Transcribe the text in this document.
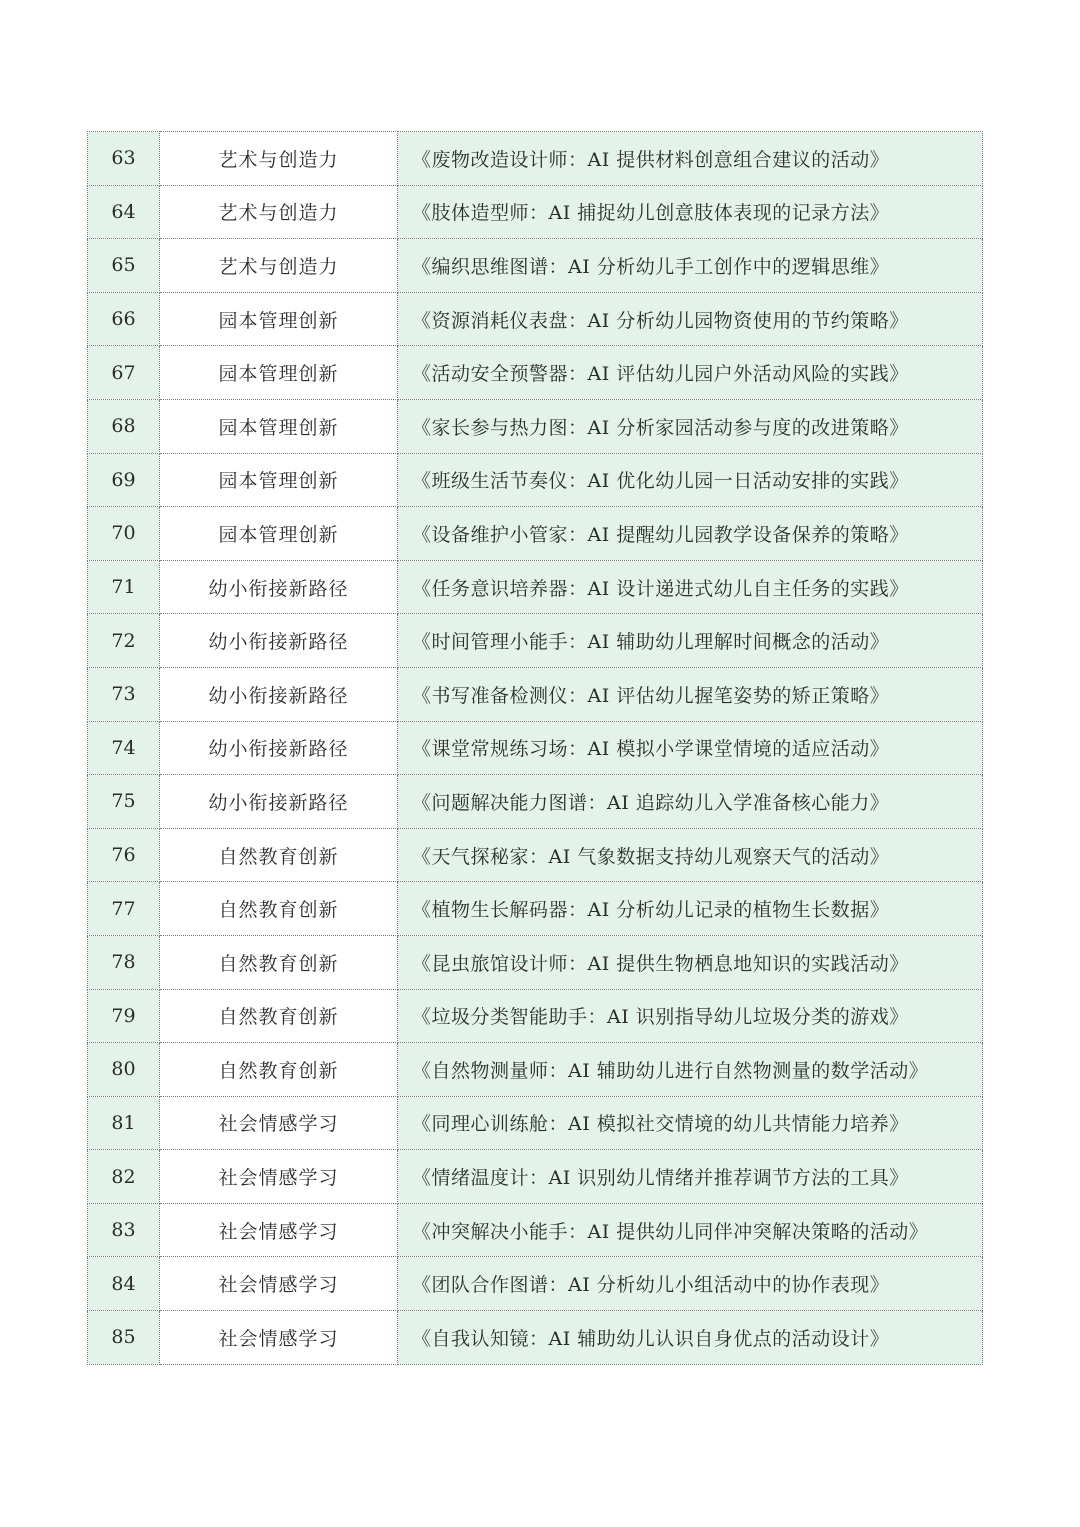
63	艺术与创造力	《废物改造设计师：AI 提供材料创意组合建议的活动》
64	艺术与创造力	《肢体造型师：AI 捕捉幼儿创意肢体表现的记录方法》
65	艺术与创造力	《编织思维图谱：AI 分析幼儿手工创作中的逻辑思维》
66	园本管理创新	《资源消耗仪表盘：AI 分析幼儿园物资使用的节约策略》
67	园本管理创新	《活动安全预警器：AI 评估幼儿园户外活动风险的实践》
68	园本管理创新	《家长参与热力图：AI 分析家园活动参与度的改进策略》
69	园本管理创新	《班级生活节奏仪：AI 优化幼儿园一日活动安排的实践》
70	园本管理创新	《设备维护小管家：AI 提醒幼儿园教学设备保养的策略》
71	幼小衔接新路径	《任务意识培养器：AI 设计递进式幼儿自主任务的实践》
72	幼小衔接新路径	《时间管理小能手：AI 辅助幼儿理解时间概念的活动》
73	幼小衔接新路径	《书写准备检测仪：AI 评估幼儿握笔姿势的矫正策略》
74	幼小衔接新路径	《课堂常规练习场：AI 模拟小学课堂情境的适应活动》
75	幼小衔接新路径	《问题解决能力图谱：AI 追踪幼儿入学准备核心能力》
76	自然教育创新	《天气探秘家：AI 气象数据支持幼儿观察天气的活动》
77	自然教育创新	《植物生长解码器：AI 分析幼儿记录的植物生长数据》
78	自然教育创新	《昆虫旅馆设计师：AI 提供生物栖息地知识的实践活动》
79	自然教育创新	《垃圾分类智能助手：AI 识别指导幼儿垃圾分类的游戏》
80	自然教育创新	《自然物测量师：AI 辅助幼儿进行自然物测量的数学活动》
81	社会情感学习	《同理心训练舱：AI 模拟社交情境的幼儿共情能力培养》
82	社会情感学习	《情绪温度计：AI 识别幼儿情绪并推荐调节方法的工具》
83	社会情感学习	《冲突解决小能手：AI 提供幼儿同伴冲突解决策略的活动》
84	社会情感学习	《团队合作图谱：AI 分析幼儿小组活动中的协作表现》
85	社会情感学习	《自我认知镜：AI 辅助幼儿认识自身优点的活动设计》
